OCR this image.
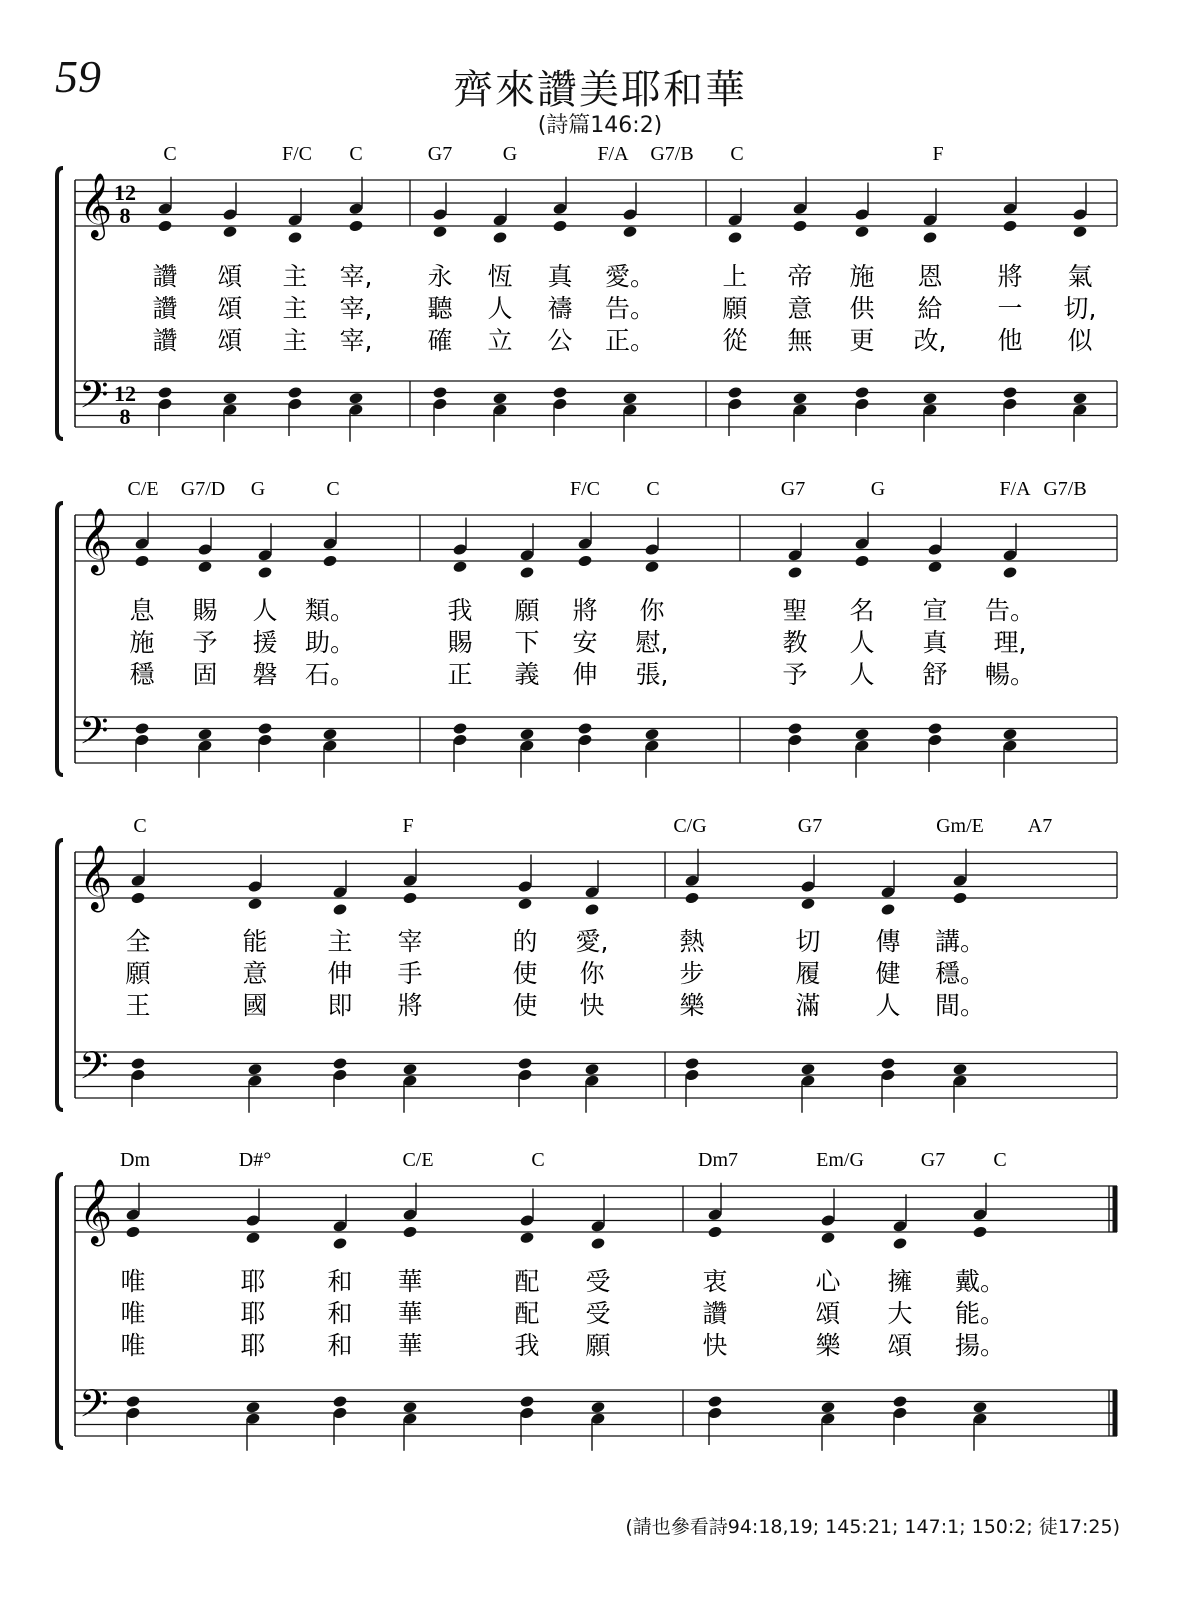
59	齊來讚美耶和華
(詩篇146:2)
C	F/C C	G7	G	F/A G7/B C	F
𝄞
𝄢
12
8
12
8
讚 頌 主 宰, 永 恆 真 愛。	上 帝 施 恩 將 氣
讚 頌 主 宰, 聽 人 禱 告。	願 意 供 給 一 切,
讚 頌 主 宰, 確 立 公 正。	從 無 更 改, 他 似
C/E G7/D G	C	F/C C	G7	G	F/A G7/B
𝄞
𝄢
息 賜 人 類。	我 願 將 你	聖 名 宣 告。
施 予 援 助。	賜 下 安 慰,	教 人 真 理,
穩 固 磐 石。	正 義 伸 張,	予 人 舒 暢。
C	F	C/G	G7	Gm/E A7
𝄞
𝄢
全	能 主 宰	的 愛,	熱	切 傳 講。
願	意 伸 手	使 你	步	履 健 穩。
王	國 即 將	使 快	樂	滿 人 間。
Dm	D#°	C/E	C	Dm7	Em/G	G7 C
𝄞
𝄢
唯	耶 和 華	配 受	衷	心 擁 戴。
唯	耶 和 華	配 受	讚	頌 大 能。
唯	耶 和 華	我 願	快	樂 頌 揚。
(請也參看詩94:18,19; 145:21; 147:1; 150:2; 徒17:25)
